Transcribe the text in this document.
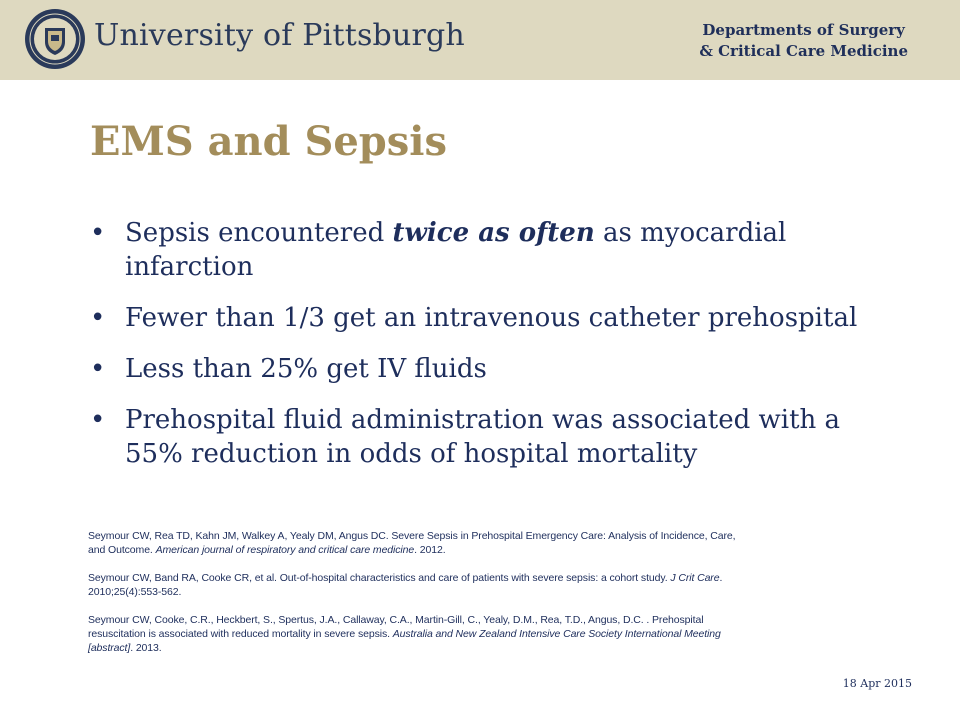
University of Pittsburgh	Departments of Surgery
& Critical Care Medicine
EMS and Sepsis
• Sepsis encountered twice as often as myocardial infarction
• Fewer than 1/3 get an intravenous catheter prehospital
• Less than 25% get IV fluids
• Prehospital fluid administration was associated with a 55% reduction in odds of hospital mortality

Seymour CW, Rea TD, Kahn JM, Walkey A, Yealy DM, Angus DC. Severe Sepsis in Prehospital Emergency Care: Analysis of Incidence, Care, and Outcome. American journal of respiratory and critical care medicine. 2012.

Seymour CW, Band RA, Cooke CR, et al. Out-of-hospital characteristics and care of patients with severe sepsis: a cohort study. J Crit Care. 2010;25(4):553-562.

Seymour CW, Cooke, C.R., Heckbert, S., Spertus, J.A., Callaway, C.A., Martin-Gill, C., Yealy, D.M., Rea, T.D., Angus, D.C. . Prehospital resuscitation is associated with reduced mortality in severe sepsis. Australia and New Zealand Intensive Care Society International Meeting [abstract]. 2013.

18 Apr 2015
